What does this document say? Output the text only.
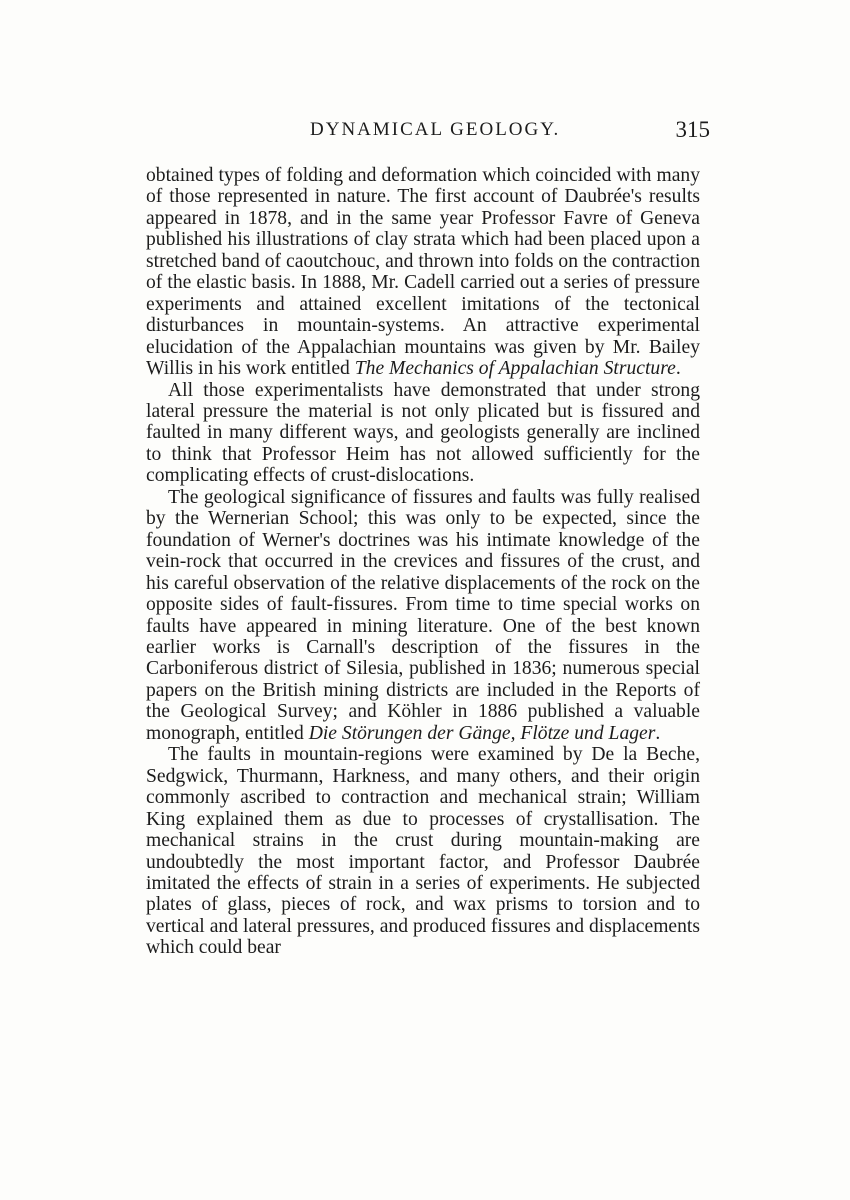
DYNAMICAL GEOLOGY.	315

obtained types of folding and deformation which coincided with many of those represented in nature. The first account of Daubrée's results appeared in 1878, and in the same year Professor Favre of Geneva published his illustrations of clay strata which had been placed upon a stretched band of caoutchouc, and thrown into folds on the contraction of the elastic basis. In 1888, Mr. Cadell carried out a series of pressure experiments and attained excellent imitations of the tectonical disturbances in mountain-systems. An attractive experimental elucidation of the Appalachian mountains was given by Mr. Bailey Willis in his work entitled The Mechanics of Appalachian Structure.

All those experimentalists have demonstrated that under strong lateral pressure the material is not only plicated but is fissured and faulted in many different ways, and geologists generally are inclined to think that Professor Heim has not allowed sufficiently for the complicating effects of crust-dislocations.

The geological significance of fissures and faults was fully realised by the Wernerian School; this was only to be expected, since the foundation of Werner's doctrines was his intimate knowledge of the vein-rock that occurred in the crevices and fissures of the crust, and his careful observation of the relative displacements of the rock on the opposite sides of fault-fissures. From time to time special works on faults have appeared in mining literature. One of the best known earlier works is Carnall's description of the fissures in the Carboniferous district of Silesia, published in 1836; numerous special papers on the British mining districts are included in the Reports of the Geological Survey; and Köhler in 1886 published a valuable monograph, entitled Die Störungen der Gänge, Flötze und Lager.

The faults in mountain-regions were examined by De la Beche, Sedgwick, Thurmann, Harkness, and many others, and their origin commonly ascribed to contraction and mechanical strain; William King explained them as due to processes of crystallisation. The mechanical strains in the crust during mountain-making are undoubtedly the most important factor, and Professor Daubrée imitated the effects of strain in a series of experiments. He subjected plates of glass, pieces of rock, and wax prisms to torsion and to vertical and lateral pressures, and produced fissures and displacements which could bear
